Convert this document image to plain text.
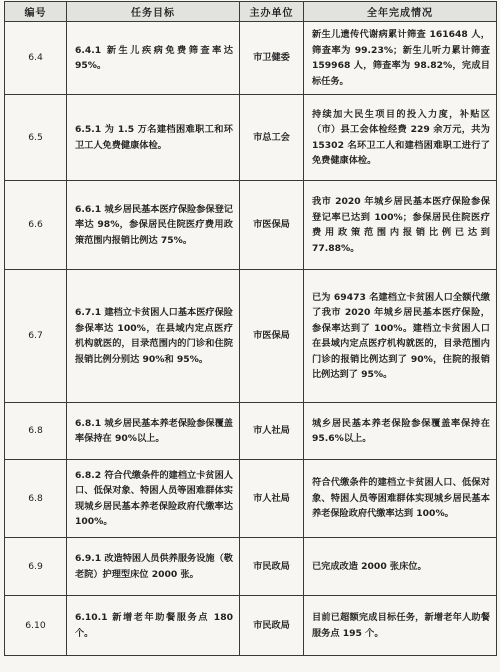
编号	任务目标	主办单位	全年完成情况
6.4	6.4.1 新生儿疾病免费筛查率达 95%。	市卫健委	新生儿遗传代谢病累计筛查 161648 人，筛查率为 99.23%；新生儿听力累计筛查 159968 人，筛查率为 98.82%，完成目标任务。
6.5	6.5.1 为 1.5 万名建档困难职工和环卫工人免费健康体检。	市总工会	持续加大民生项目的投入力度，补贴区（市）县工会体检经费 229 余万元，共为 15302 名环卫工人和建档困难职工进行了免费健康体检。
6.6	6.6.1 城乡居民基本医疗保险参保登记率达 98%，参保居民住院医疗费用政策范围内报销比例达 75%。	市医保局	我市 2020 年城乡居民基本医疗保险参保登记率已达到 100%；参保居民住院医疗费用政策范围内报销比例已达到 77.88%。
6.7	6.7.1 建档立卡贫困人口基本医疗保险参保率达 100%，在县域内定点医疗机构就医的，目录范围内的门诊和住院报销比例分别达 90%和 95%。	市医保局	已为 69473 名建档立卡贫困人口全额代缴了我市 2020 年城乡居民基本医疗保险，参保率达到了 100%。建档立卡贫困人口在县域内定点医疗机构就医的，目录范围内门诊的报销比例达到了 90%，住院的报销比例达到了 95%。
6.8	6.8.1 城乡居民基本养老保险参保覆盖率保持在 90%以上。	市人社局	城乡居民基本养老保险参保覆盖率保持在 95.6%以上。
6.8	6.8.2 符合代缴条件的建档立卡贫困人口、低保对象、特困人员等困难群体实现城乡居民基本养老保险政府代缴率达 100%。	市人社局	符合代缴条件的建档立卡贫困人口、低保对象、特困人员等困难群体实现城乡居民基本养老保险政府代缴率达到 100%。
6.9	6.9.1 改造特困人员供养服务设施（敬老院）护理型床位 2000 张。	市民政局	已完成改造 2000 张床位。
6.10	6.10.1 新增老年助餐服务点 180 个。	市民政局	目前已超额完成目标任务，新增老年人助餐服务点 195 个。
